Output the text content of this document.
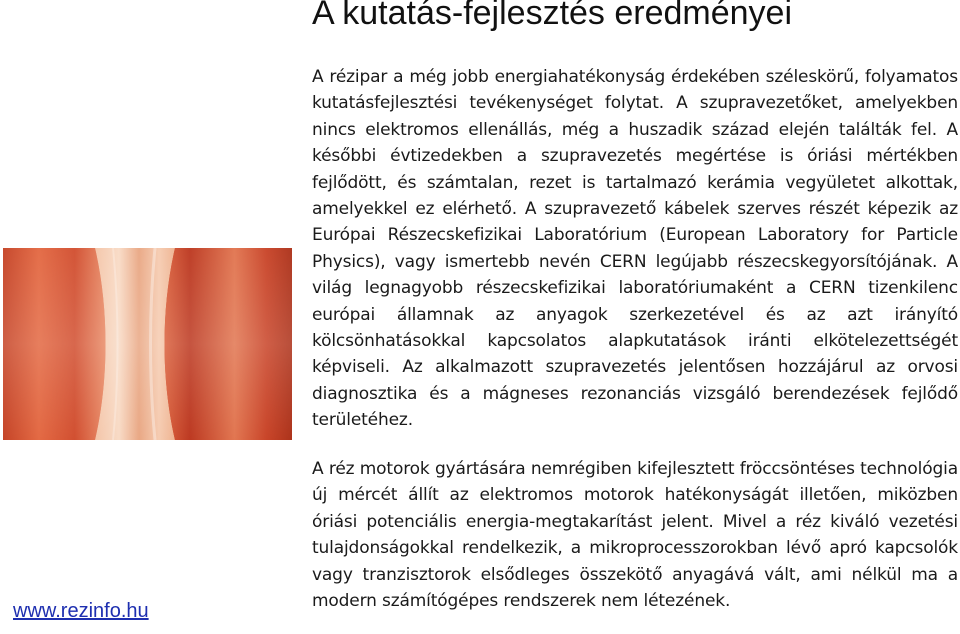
A kutatás-fejlesztés eredményei

A rézipar a még jobb energiahatékonyság érdekében széleskörű, folyamatos kutatásfejlesztési tevékenységet folytat. A szupravezetőket, amelyekben nincs elektromos ellenállás, még a huszadik század elején találták fel. A későbbi évtizedekben a szupravezetés megértése is óriási mértékben fejlődött, és számtalan, rezet is tartalmazó kerámia vegyületet alkottak, amelyekkel ez elérhető. A szupravezető kábelek szerves részét képezik az Európai Részecskefizikai Laboratórium (European Laboratory for Particle Physics), vagy ismertebb nevén CERN legújabb részecskegyorsítójának. A világ legnagyobb részecskefizikai laboratóriumaként a CERN tizenkilenc európai államnak az anyagok szerkezetével és az azt irányító kölcsönhatásokkal kapcsolatos alapkutatások iránti elkötelezettségét képviseli. Az alkalmazott szupravezetés jelentősen hozzájárul az orvosi diagnosztika és a mágneses rezonanciás vizsgáló berendezések fejlődő területéhez.

A réz motorok gyártására nemrégiben kifejlesztett fröccsöntéses technológia új mércét állít az elektromos motorok hatékonyságát illetően, miközben óriási potenciális energia-megtakarítást jelent. Mivel a réz kiváló vezetési tulajdonságokkal rendelkezik, a mikroprocesszorokban lévő apró kapcsolók vagy tranzisztorok elsődleges összekötő anyagává vált, ami nélkül ma a modern számítógépes rendszerek nem létezének.

www.rezinfo.hu
